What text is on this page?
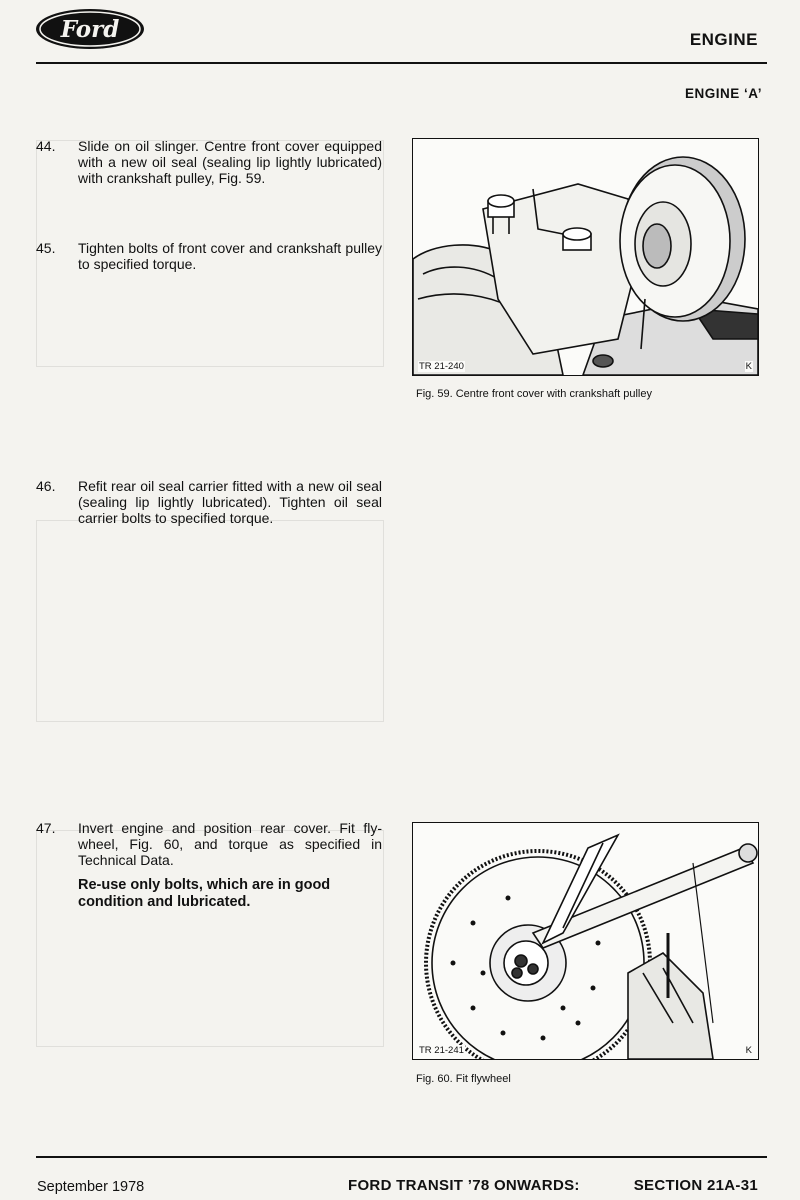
Ford	ENGINE
ENGINE ‘A’
44. Slide on oil slinger. Centre front cover equipped with a new oil seal (sealing lip lightly lubricated) with crankshaft pulley, Fig. 59.
45. Tighten bolts of front cover and crankshaft pulley to specified torque.
46. Refit rear oil seal carrier fitted with a new oil seal (sealing lip lightly lubricated). Tighten oil seal carrier bolts to specified torque.
47. Invert engine and position rear cover. Fit fly-wheel, Fig. 60, and torque as specified in Technical Data.
Re-use only bolts, which are in good condition and lubricated.
TR 21-240	K
Fig. 59. Centre front cover with crankshaft pulley
TR 21-241	K
Fig. 60. Fit flywheel
September 1978	FORD TRANSIT ’78 ONWARDS:	SECTION 21A-31
